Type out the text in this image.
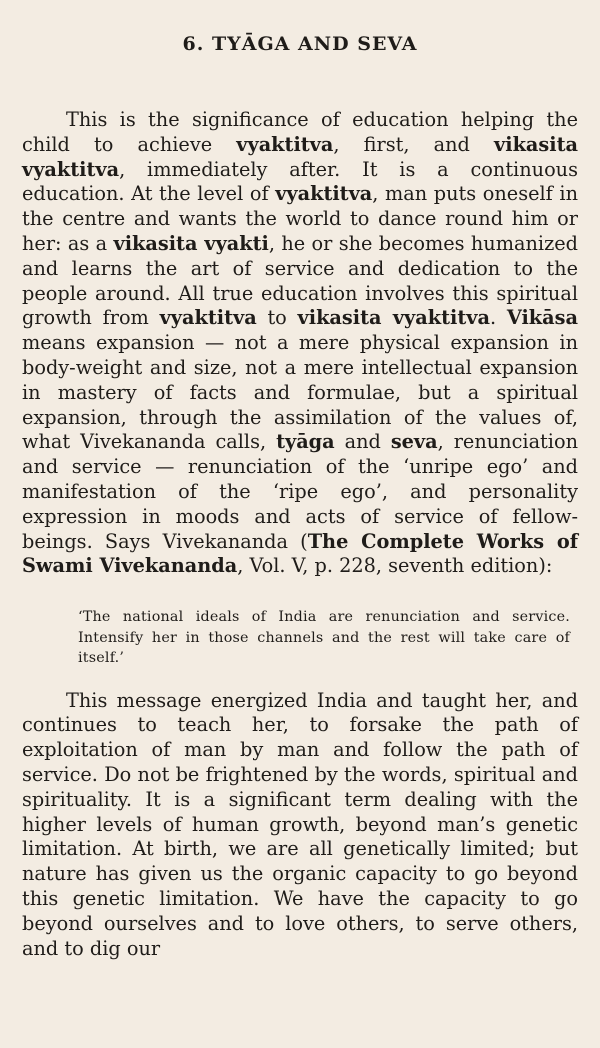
6. TYĀGA AND SEVA

This is the significance of education helping the child to achieve vyaktitva, first, and vikasita vyaktitva, immediately after. It is a continuous education. At the level of vyaktitva, man puts oneself in the centre and wants the world to dance round him or her: as a vikasita vyakti, he or she becomes humanized and learns the art of service and dedication to the people around. All true education involves this spiritual growth from vyaktitva to vikasita vyaktitva. Vikāsa means expansion — not a mere physical expansion in body-weight and size, not a mere intellectual expansion in mastery of facts and formulae, but a spiritual expansion, through the assimilation of the values of, what Vivekananda calls, tyāga and seva, renunciation and service — renunciation of the ‘unripe ego’ and manifestation of the ‘ripe ego’, and personality expression in moods and acts of service of fellow-beings. Says Vivekananda (The Complete Works of Swami Vivekananda, Vol. V, p. 228, seventh edition):

‘The national ideals of India are renunciation and service. Intensify her in those channels and the rest will take care of itself.’

This message energized India and taught her, and continues to teach her, to forsake the path of exploitation of man by man and follow the path of service. Do not be frightened by the words, spiritual and spirituality. It is a significant term dealing with the higher levels of human growth, beyond man’s genetic limitation. At birth, we are all genetically limited; but nature has given us the organic capacity to go beyond this genetic limitation. We have the capacity to go beyond ourselves and to love others, to serve others, and to dig our
